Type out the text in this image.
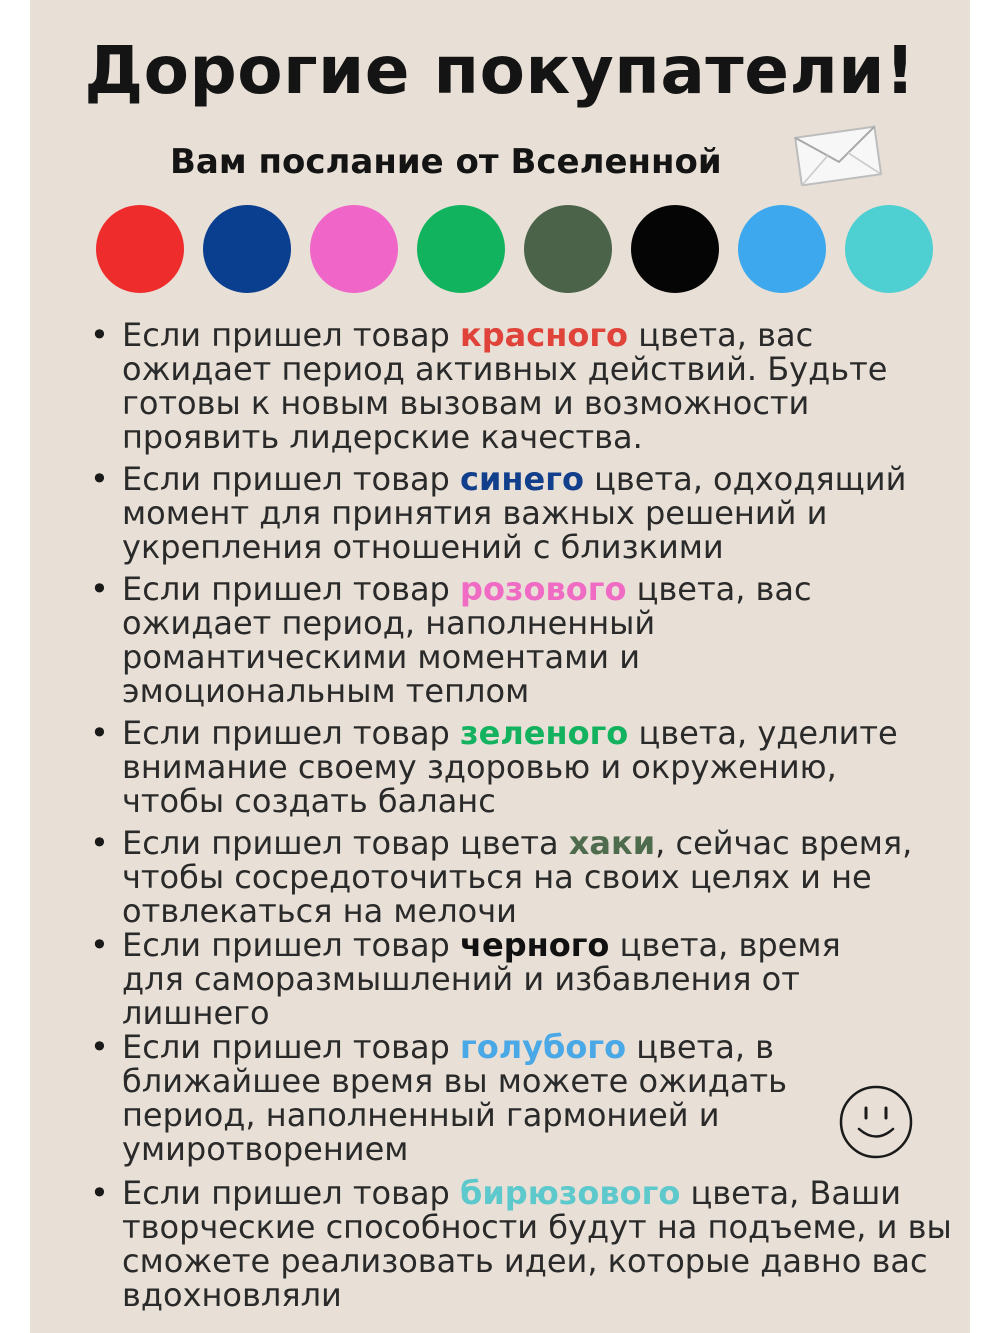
Дорогие покупатели!
Вам послание от Вселенной
• Если пришел товар красного цвета, вас ожидает период активных действий. Будьте готовы к новым вызовам и возможности проявить лидерские качества.
• Если пришел товар синего цвета, одходящий момент для принятия важных решений и укрепления отношений с близкими
• Если пришел товар розового цвета, вас ожидает период, наполненный романтическими моментами и эмоциональным теплом
• Если пришел товар зеленого цвета, уделите внимание своему здоровью и окружению, чтобы создать баланс
• Если пришел товар цвета хаки, сейчас время, чтобы сосредоточиться на своих целях и не отвлекаться на мелочи
• Если пришел товар черного цвета, время для саморазмышлений и избавления от лишнего
• Если пришел товар голубого цвета, в ближайшее время вы можете ожидать период, наполненный гармонией и умиротворением
• Если пришел товар бирюзового цвета, Ваши творческие способности будут на подъеме, и вы сможете реализовать идеи, которые давно вас вдохновляли
